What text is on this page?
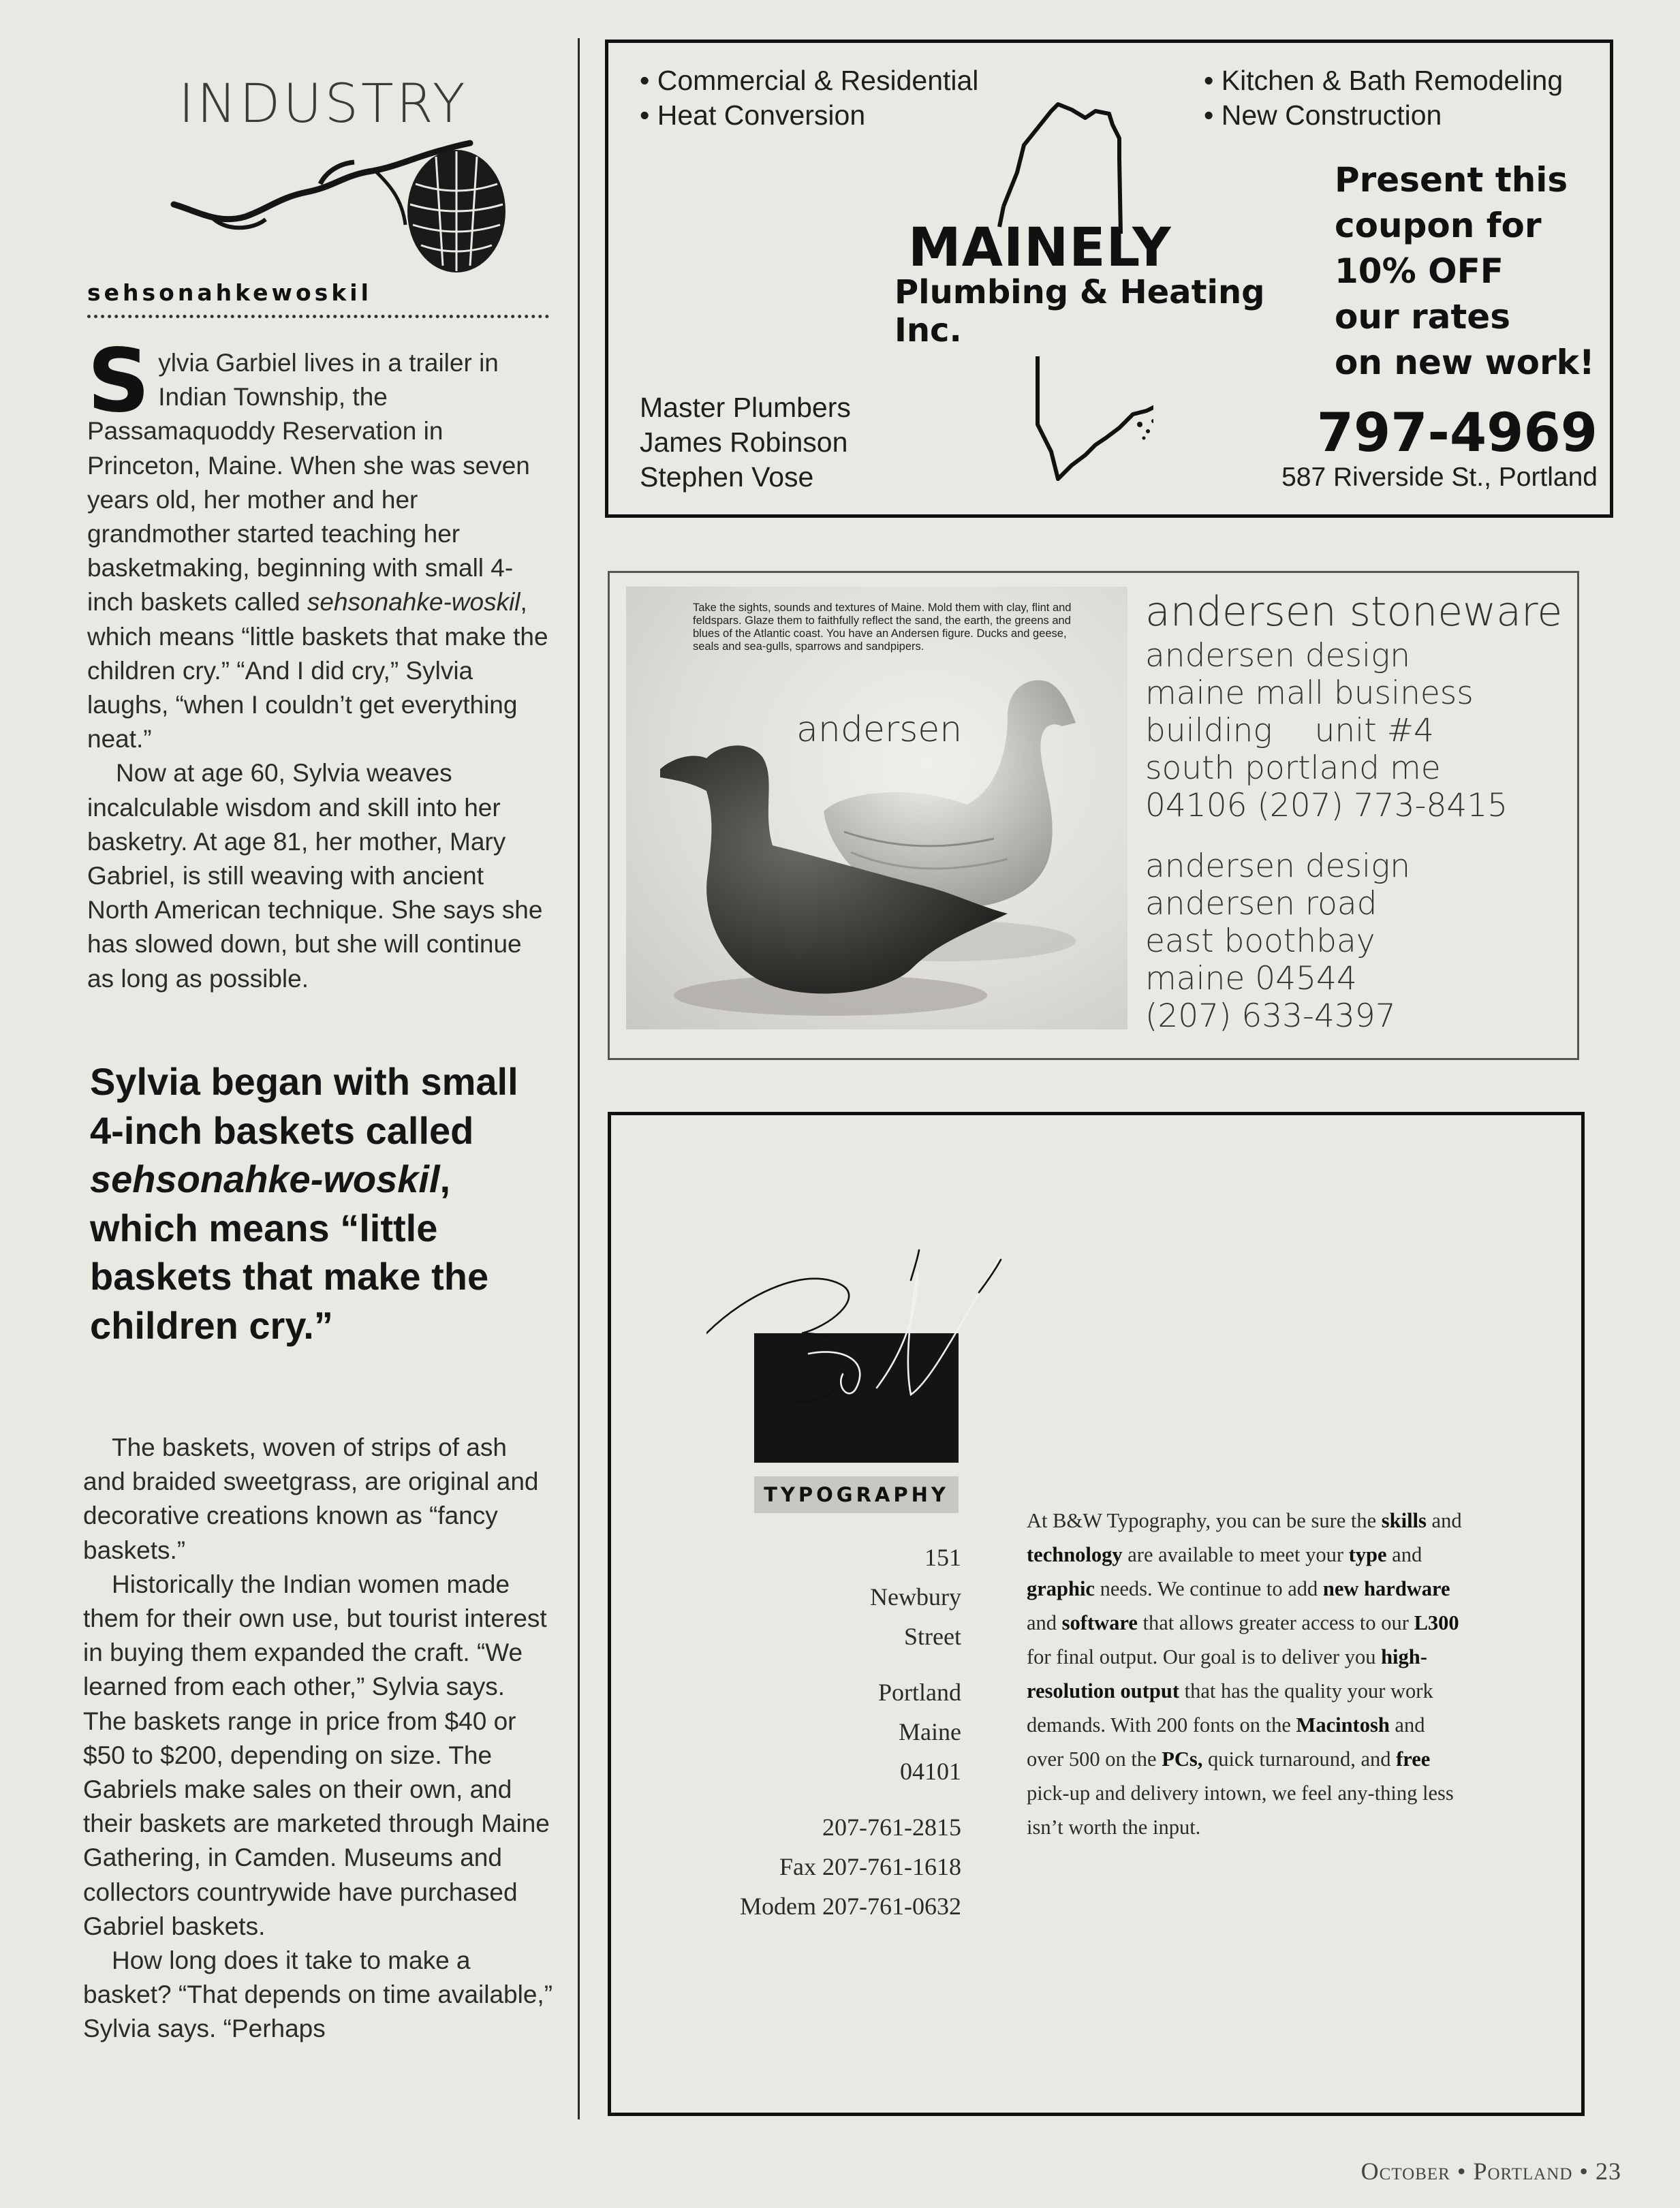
INDUSTRY
sehsonahkewoskil

Sylvia Garbiel lives in a trailer in Indian Township, the Passamaquoddy Reservation in Princeton, Maine. When she was seven years old, her mother and her grandmother started teaching her basketmaking, beginning with small 4-inch baskets called sehsonahke-woskil, which means “little baskets that make the children cry.” “And I did cry,” Sylvia laughs, “when I couldn’t get everything neat.”

Now at age 60, Sylvia weaves incalculable wisdom and skill into her basketry. At age 81, her mother, Mary Gabriel, is still weaving with ancient North American technique. She says she has slowed down, but she will continue as long as possible.

Sylvia began with small 4-inch baskets called sehsonahke-woskil, which means “little baskets that make the children cry.”

The baskets, woven of strips of ash and braided sweetgrass, are original and decorative creations known as “fancy baskets.”

Historically the Indian women made them for their own use, but tourist interest in buying them expanded the craft. “We learned from each other,” Sylvia says. The baskets range in price from $40 or $50 to $200, depending on size. The Gabriels make sales on their own, and their baskets are marketed through Maine Gathering, in Camden. Museums and collectors countrywide have purchased Gabriel baskets.

How long does it take to make a basket? “That depends on time available,” Sylvia says. “Perhaps

• Commercial & Residential
• Heat Conversion
• Kitchen & Bath Remodeling
• New Construction
MAINELY
Plumbing & Heating Inc.
Present this
coupon for
10% OFF
our rates
on new work!
Master Plumbers
James Robinson
Stephen Vose
797-4969
587 Riverside St., Portland
Take the sights, sounds and textures of Maine. Mold them with clay, flint and feldspars. Glaze them to faithfully reflect the sand, the earth, the greens and blues of the Atlantic coast. You have an Andersen figure. Ducks and geese, seals and sea-gulls, sparrows and sandpipers.
andersen
andersen stoneware
andersen design
maine mall business
building  unit #4
south portland me
04106 (207) 773-8415
andersen design
andersen road
east boothbay
maine 04544
(207) 633-4397
TYPOGRAPHY
151
Newbury
Street
Portland
Maine
04101
207-761-2815
Fax 207-761-1618
Modem 207-761-0632
At B&W Typography, you can be sure the skills and technology are available to meet your type and graphic needs. We continue to add new hardware and software that allows greater access to our L300 for final output. Our goal is to deliver you high-resolution output that has the quality your work demands. With 200 fonts on the Macintosh and over 500 on the PCs, quick turnaround, and free pick-up and delivery intown, we feel any-thing less isn’t worth the input.
October • Portland • 23
